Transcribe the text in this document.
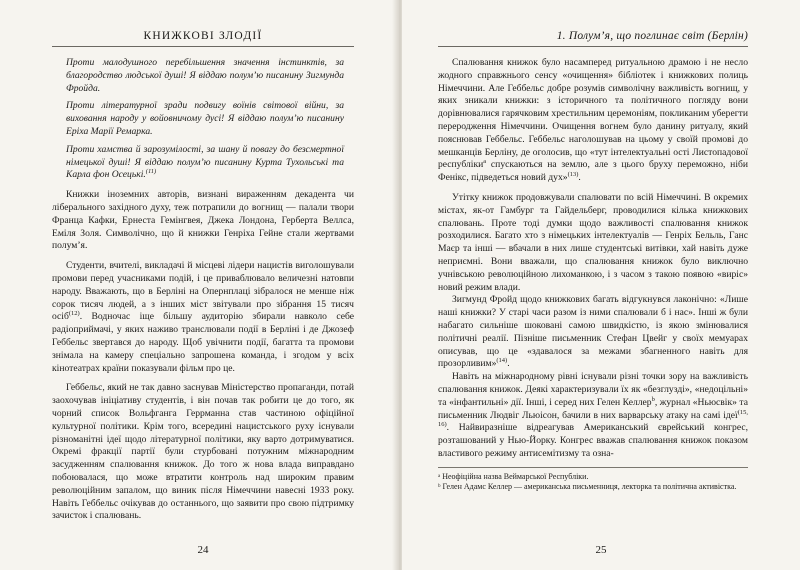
КНИЖКОВІ ЗЛОДІЇ

Проти малодушного перебільшення значення інстинктів, за благородство людської душі! Я віддаю полум’ю писанину Зигмунда Фройда.

Проти літературної зради подвигу воїнів світової війни, за виховання народу у войовничому дусі! Я віддаю полум’ю писанину Еріха Марії Ремарка.

Проти хамства й зарозумілості, за шану й повагу до безсмертної німецької душі! Я віддаю полум’ю писанину Курта Тухольські та Карла фон Осецькі.$^{(11)}$

Книжки іноземних авторів, визнані вираженням декадента чи ліберального західного духу, теж потрапили до вогнищ — палали твори Франца Кафки, Ернеста Гемінгвея, Джека Лондона, Герберта Веллса, Еміля Золя. Символічно, що й книжки Генріха Гейне стали жертвами полум’я.

Студенти, вчителі, викладачі й місцеві лідери нацистів виголошували промови перед учасниками подій, і це приваблювало величезні натовпи народу. Вважають, що в Берліні на Опернплаці зібралося не менше ніж сорок тисяч людей, а з інших міст звітували про зібрання 15 тисяч осіб$^{(12)}$. Водночас іще більшу аудиторію збирали навколо себе радіоприймачі, у яких наживо транслювали події в Берліні і де Джозеф Геббельс звертався до народу. Щоб увічнити події, багатта та промови знімала на камеру спеціально запрошена команда, і згодом у всіх кінотеатрах країни показували фільм про це.

Геббельс, який не так давно заснував Міністерство пропаганди, потай заохочував ініціативу студентів, і він почав так робити це до того, як чорний список Вольфганга Геррманна став частиною офіційної культурної політики. Крім того, всередині нацистського руху існували різноманітні ідеї щодо літературної політики, яку варто дотримуватися. Окремі фракції партії були стурбовані потужним міжнародним засудженням спалювання книжок. До того ж нова влада виправдано побоювалася, що може втратити контроль над широким правим революційним запалом, що виник після Німеччини навесні 1933 року. Навіть Геббельс очікував до останнього, що заявити про свою підтримку зачисток і спалювань.

24
1. Полум’я, що поглинає світ (Берлін)

Спалювання книжок було насамперед ритуальною драмою і не несло жодного справжнього сенсу «очищення» бібліотек і книжкових полиць Німеччини. Але Геббельс добре розумів символічну важливість вогнищ, у яких зникали книжки: з історичного та політичного погляду вони дорівнювалися гарячковим хрестильним церемоніям, покликаним уберегти переродження Німеччини. Очищення вогнем було данину ритуалу, який пояснював Геббельс. Геббельс наголошував на цьому у своїй промові до мешканців Берліну, де оголосив, що «тут інтелектуальні ості Листопадової республіки$^a$ спускаються на землю, але з цього бруху переможно, ніби Фенікс, підведеться новий дух»$^{(13)}$.

Утітку книжок продовжували спалювати по всій Німеччині. В окремих містах, як-от Гамбург та Гайдельберг, проводилися кілька книжкових спалювань. Проте тоді думки щодо важливості спалювання книжок розходилися. Багато хто з німецьких інтелектуалів — Генріх Бельль, Ганс Маєр та інші — вбачали в них лише студентські витівки, хай навіть дуже неприємні. Вони вважали, що спалювання книжок було виключно учнівською революційною лихоманкою, і з часом з такою появою «виріс» новий режим влади.

Зигмунд Фройд щодо книжкових багать відгукнувся лаконічно: «Лише наші книжки? У старі часи разом із ними спалювали б і нас». Інші ж були набагато сильніше шоковані самою швидкістю, із якою змінювалися політичні реалії. Пізніше письменник Стефан Цвейг у своїх мемуарах описував, що це «здавалося за межами збагненного навіть для прозорливим»$^{(14)}$.

Навіть на міжнародному рівні існували різні точки зору на важливість спалювання книжок. Деякі характеризували їх як «безглузді», «недоцільні» та «інфантильні» дії. Інші, і серед них Гелен Келлер$^b$, журнал «Ньюсвік» та письменник Людвіг Льюісон, бачили в них варварську атаку на самі ідеї$^{(15, 16)}$. Найвиразніше відреагував Американський єврейський конгрес, розташований у Нью-Йорку. Конгрес вважав спалювання книжок показом властивого режиму антисемітизму та озна-

ᵃ Неофіційна назва Веймарської Республіки.
ᵇ Гелен Адамс Келлер — американська письменниця, лекторка та політична активістка.
25
